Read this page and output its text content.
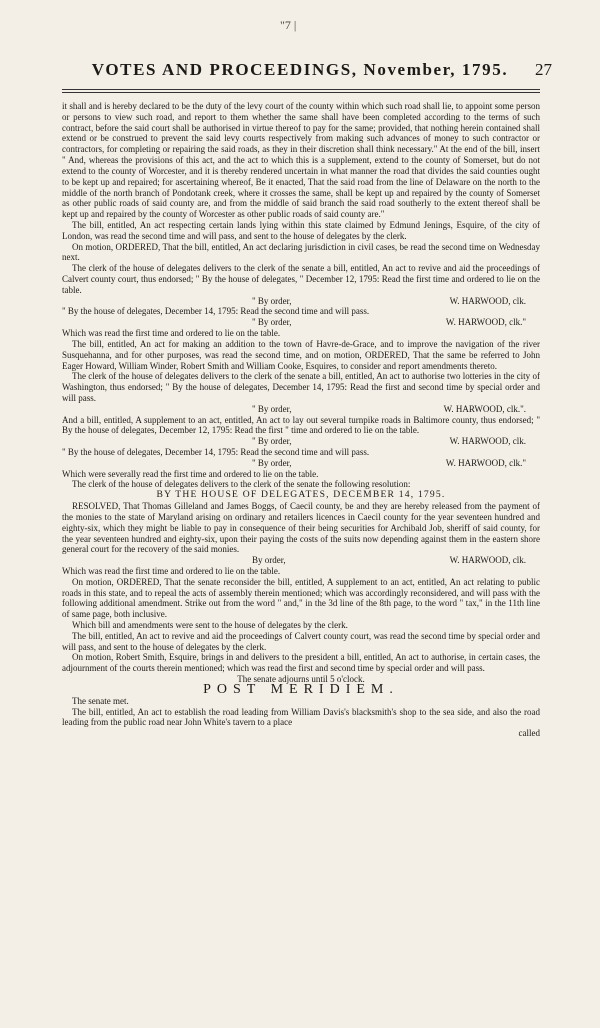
"7 |
VOTES AND PROCEEDINGS, November, 1795. 27

it shall and is hereby declared to be the duty of the levy court of the county within which such road shall lie, to appoint some person or persons to view such road, and report to them whether the same shall have been completed according to the terms of such contract, before the said court shall be authorised in virtue thereof to pay for the same; provided, that nothing herein contained shall extend or be construed to prevent the said levy courts respectively from making such advances of money to such contractor or contractors, for completing or repairing the said roads, as they in their discretion shall think necessary." At the end of the bill, insert " And, whereas the provisions of this act, and the act to which this is a supplement, extend to the county of Somerset, but do not extend to the county of Worcester, and it is thereby rendered uncertain in what manner the road that divides the said counties ought to be kept up and repaired; for ascertaining whereof, Be it enacted, That the said road from the line of Delaware on the north to the middle of the north branch of Pondotank creek, where it crosses the same, shall be kept up and repaired by the county of Somerset as other public roads of said county are, and from the middle of said branch the said road southerly to the extent thereof shall be kept up and repaired by the county of Worcester as other public roads of said county are."

The bill, entitled, An act respecting certain lands lying within this state claimed by Edmund Jenings, Esquire, of the city of London, was read the second time and will pass, and sent to the house of delegates by the clerk.

On motion, ORDERED, That the bill, entitled, An act declaring jurisdiction in civil cases, be read the second time on Wednesday next.

The clerk of the house of delegates delivers to the clerk of the senate a bill, entitled, An act to revive and aid the proceedings of Calvert county court, thus endorsed; " By the house of delegates, " December 12, 1795: Read the first time and ordered to lie on the table.

" By order,	W. HARWOOD, clk.

" By the house of delegates, December 14, 1795: Read the second time and will pass.

" By order,	W. HARWOOD, clk."

Which was read the first time and ordered to lie on the table.

The bill, entitled, An act for making an addition to the town of Havre-de-Grace, and to improve the navigation of the river Susquehanna, and for other purposes, was read the second time, and on motion, ORDERED, That the same be referred to John Eager Howard, William Winder, Robert Smith and William Cooke, Esquires, to consider and report amendments thereto.

The clerk of the house of delegates delivers to the clerk of the senate a bill, entitled, An act to authorise two lotteries in the city of Washington, thus endorsed; " By the house of delegates, December 14, 1795: Read the first and second time by special order and will pass.

" By order,	W. HARWOOD, clk.".

And a bill, entitled, A supplement to an act, entitled, An act to lay out several turnpike roads in Baltimore county, thus endorsed; " By the house of delegates, December 12, 1795: Read the first " time and ordered to lie on the table.

" By order,	W. HARWOOD, clk.

" By the house of delegates, December 14, 1795: Read the second time and will pass.

" By order,	W. HARWOOD, clk."

Which were severally read the first time and ordered to lie on the table.

The clerk of the house of delegates delivers to the clerk of the senate the following resolution:

BY THE HOUSE OF DELEGATES, DECEMBER 14, 1795.

RESOLVED, That Thomas Gilleland and James Boggs, of Caecil county, be and they are hereby released from the payment of the monies to the state of Maryland arising on ordinary and retailers licences in Caecil county for the year seventeen hundred and eighty-six, which they might be liable to pay in consequence of their being securities for Archibald Job, sheriff of said county, for the year seventeen hundred and eighty-six, upon their paying the costs of the suits now depending against them in the eastern shore general court for the recovery of the said monies.

By order,	W. HARWOOD, clk.

Which was read the first time and ordered to lie on the table.

On motion, ORDERED, That the senate reconsider the bill, entitled, A supplement to an act, entitled, An act relating to public roads in this state, and to repeal the acts of assembly therein mentioned; which was accordingly reconsidered, and will pass with the following additional amendment. Strike out from the word " and," in the 3d line of the 8th page, to the word " tax," in the 11th line of same page, both inclusive.

Which bill and amendments were sent to the house of delegates by the clerk.

The bill, entitled, An act to revive and aid the proceedings of Calvert county court, was read the second time by special order and will pass, and sent to the house of delegates by the clerk.

On motion, Robert Smith, Esquire, brings in and delivers to the president a bill, entitled, An act to authorise, in certain cases, the adjournment of the courts therein mentioned; which was read the first and second time by special order and will pass.

The senate adjourns until 5 o'clock.

POST MERIDIEM.

The senate met.

The bill, entitled, An act to establish the road leading from William Davis's blacksmith's shop to the sea side, and also the road leading from the public road near John White's tavern to a place

called
